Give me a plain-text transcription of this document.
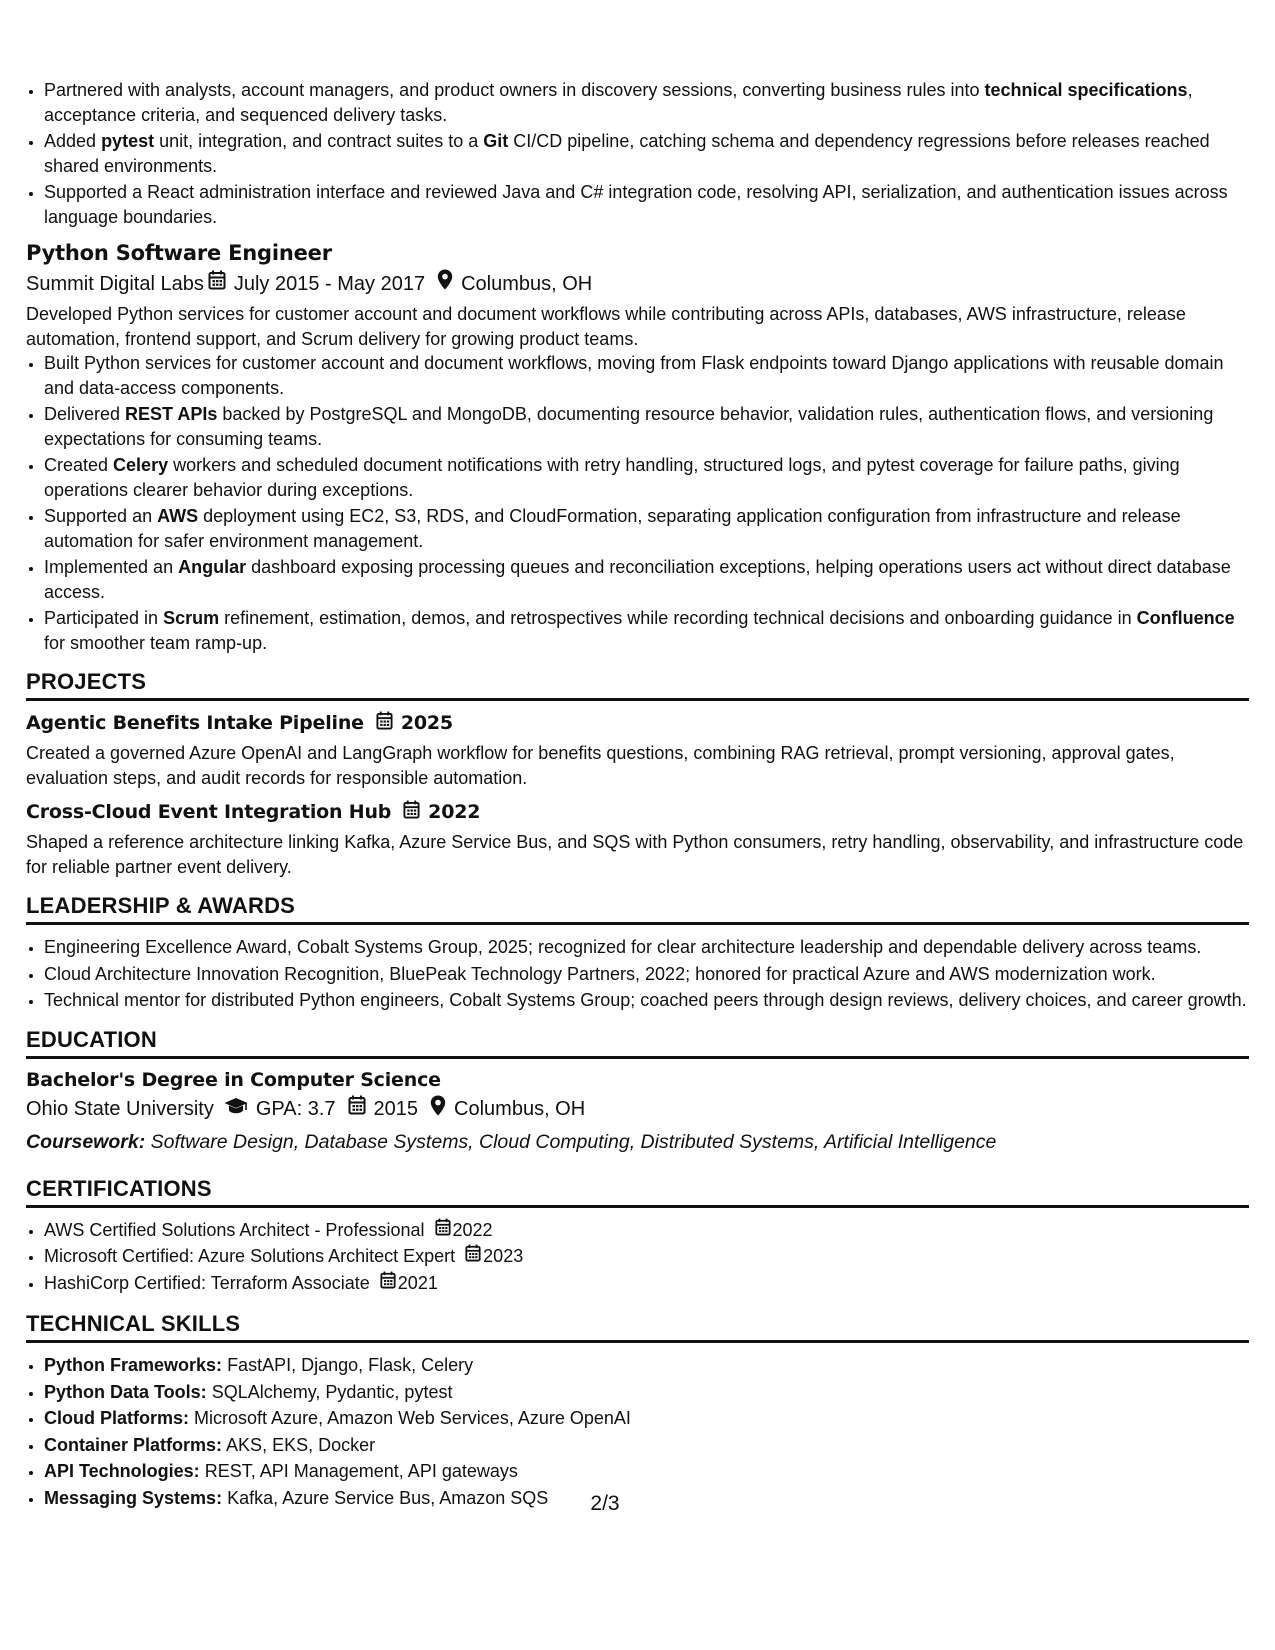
• Partnered with analysts, account managers, and product owners in discovery sessions, converting business rules into technical specifications, acceptance criteria, and sequenced delivery tasks.
• Added pytest unit, integration, and contract suites to a Git CI/CD pipeline, catching schema and dependency regressions before releases reached shared environments.
• Supported a React administration interface and reviewed Java and C# integration code, resolving API, serialization, and authentication issues across language boundaries.
Python Software Engineer
Summit Digital Labs July 2015 - May 2017 Columbus, OH
Developed Python services for customer account and document workflows while contributing across APIs, databases, AWS infrastructure, release automation, frontend support, and Scrum delivery for growing product teams.
• Built Python services for customer account and document workflows, moving from Flask endpoints toward Django applications with reusable domain and data-access components.
• Delivered REST APIs backed by PostgreSQL and MongoDB, documenting resource behavior, validation rules, authentication flows, and versioning expectations for consuming teams.
• Created Celery workers and scheduled document notifications with retry handling, structured logs, and pytest coverage for failure paths, giving operations clearer behavior during exceptions.
• Supported an AWS deployment using EC2, S3, RDS, and CloudFormation, separating application configuration from infrastructure and release automation for safer environment management.
• Implemented an Angular dashboard exposing processing queues and reconciliation exceptions, helping operations users act without direct database access.
• Participated in Scrum refinement, estimation, demos, and retrospectives while recording technical decisions and onboarding guidance in Confluence for smoother team ramp-up.
PROJECTS
Agentic Benefits Intake Pipeline 2025
Created a governed Azure OpenAI and LangGraph workflow for benefits questions, combining RAG retrieval, prompt versioning, approval gates, evaluation steps, and audit records for responsible automation.
Cross-Cloud Event Integration Hub 2022
Shaped a reference architecture linking Kafka, Azure Service Bus, and SQS with Python consumers, retry handling, observability, and infrastructure code for reliable partner event delivery.
LEADERSHIP & AWARDS
• Engineering Excellence Award, Cobalt Systems Group, 2025; recognized for clear architecture leadership and dependable delivery across teams.
• Cloud Architecture Innovation Recognition, BluePeak Technology Partners, 2022; honored for practical Azure and AWS modernization work.
• Technical mentor for distributed Python engineers, Cobalt Systems Group; coached peers through design reviews, delivery choices, and career growth.
EDUCATION
Bachelor's Degree in Computer Science
Ohio State University GPA: 3.7 2015 Columbus, OH
Coursework: Software Design, Database Systems, Cloud Computing, Distributed Systems, Artificial Intelligence
CERTIFICATIONS
• AWS Certified Solutions Architect - Professional 2022
• Microsoft Certified: Azure Solutions Architect Expert 2023
• HashiCorp Certified: Terraform Associate 2021
TECHNICAL SKILLS
• Python Frameworks: FastAPI, Django, Flask, Celery
• Python Data Tools: SQLAlchemy, Pydantic, pytest
• Cloud Platforms: Microsoft Azure, Amazon Web Services, Azure OpenAI
• Container Platforms: AKS, EKS, Docker
• API Technologies: REST, API Management, API gateways
• Messaging Systems: Kafka, Azure Service Bus, Amazon SQS	2/3
